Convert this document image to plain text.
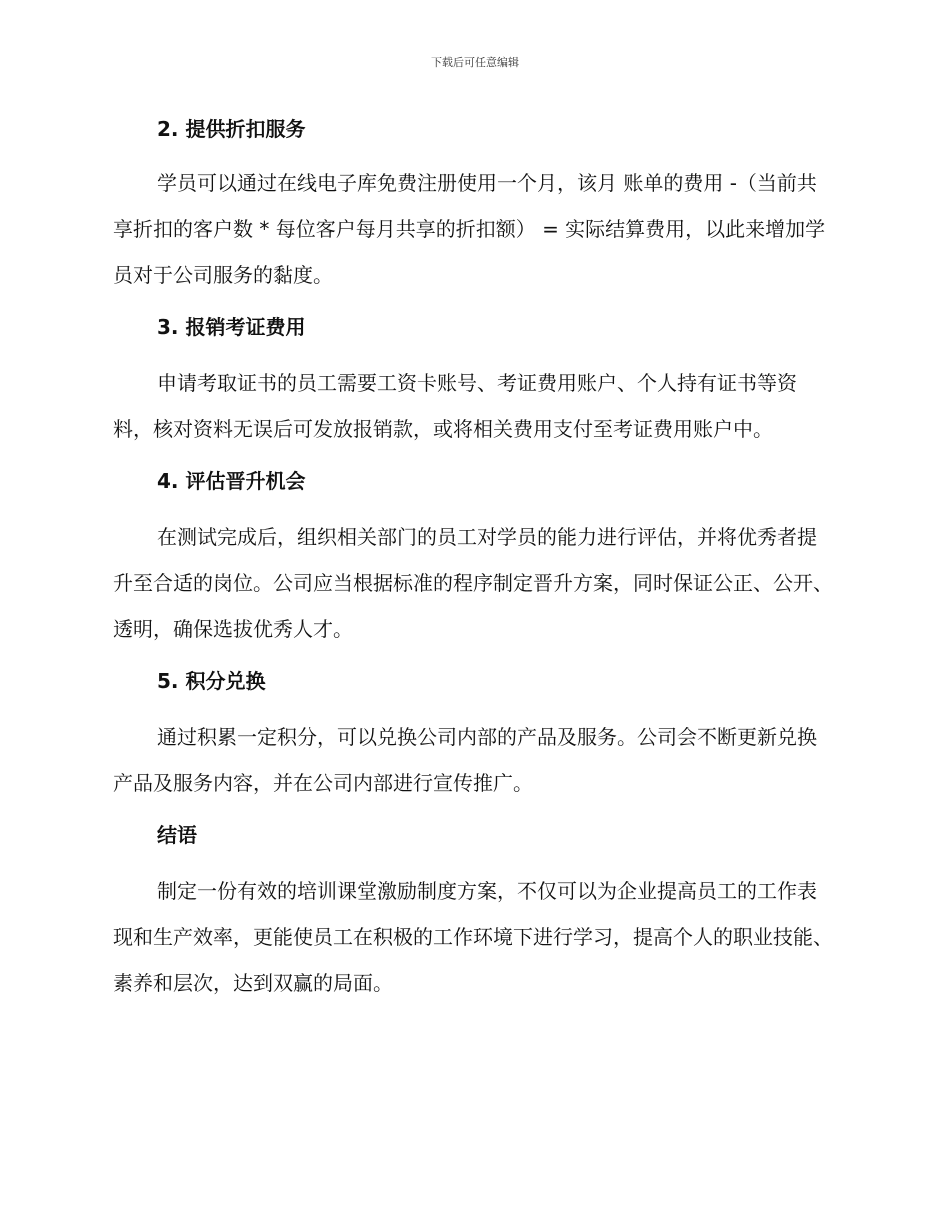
下载后可任意编辑
2. 提供折扣服务

学员可以通过在线电子库免费注册使用一个月，该月 账单的费用 -（当前共享折扣的客户数 * 每位客户每月共享的折扣额） = 实际结算费用，以此来增加学员对于公司服务的黏度。

3. 报销考证费用

申请考取证书的员工需要工资卡账号、考证费用账户、个人持有证书等资料，核对资料无误后可发放报销款，或将相关费用支付至考证费用账户中。

4. 评估晋升机会

在测试完成后，组织相关部门的员工对学员的能力进行评估，并将优秀者提升至合适的岗位。公司应当根据标准的程序制定晋升方案，同时保证公正、公开、透明，确保选拔优秀人才。

5. 积分兑换

通过积累一定积分，可以兑换公司内部的产品及服务。公司会不断更新兑换产品及服务内容，并在公司内部进行宣传推广。

结语

制定一份有效的培训课堂激励制度方案，不仅可以为企业提高员工的工作表现和生产效率，更能使员工在积极的工作环境下进行学习，提高个人的职业技能、素养和层次，达到双赢的局面。
